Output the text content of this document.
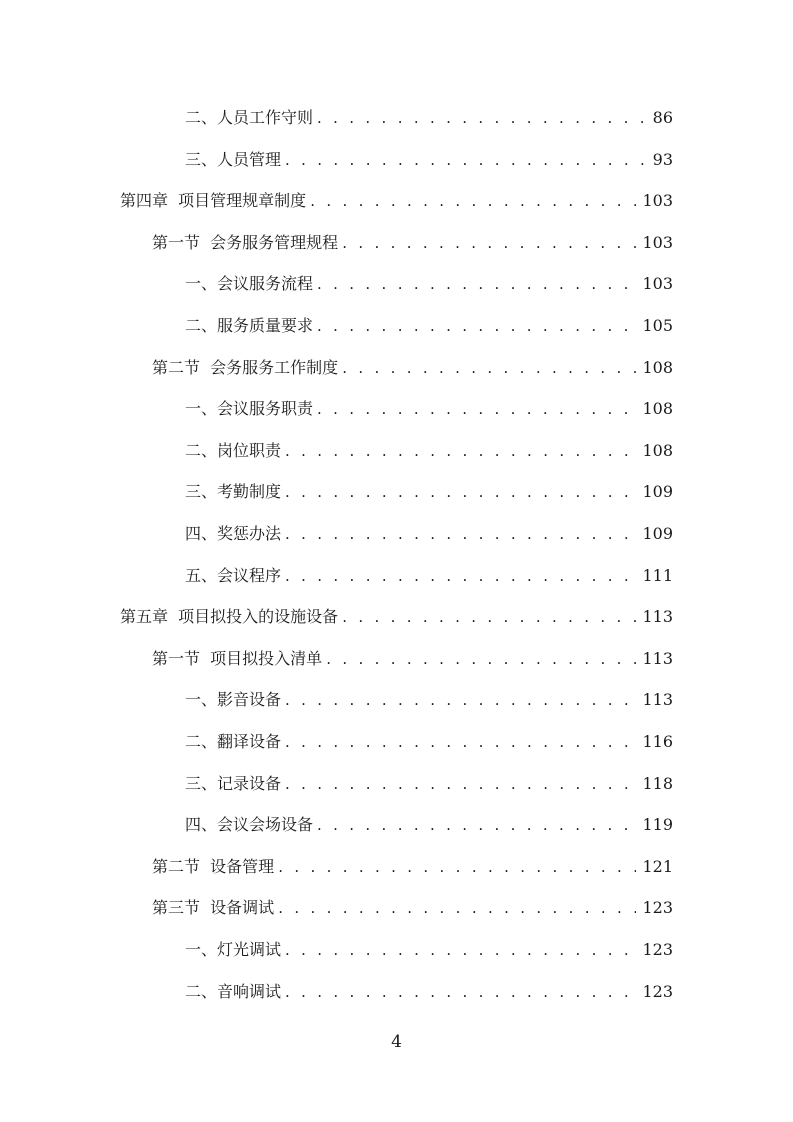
二、人员工作守则 . . .	86
三、人员管理 . . .	93
第四章  项目管理规章制度 . . .	103
第一节  会务服务管理规程 . . .	103
一、会议服务流程 . . .	103
二、服务质量要求 . . .	105
第二节  会务服务工作制度 . . .	108
一、会议服务职责 . . .	108
二、岗位职责 . . .	108
三、考勤制度 . . .	109
四、奖惩办法 . . .	109
五、会议程序 . . .	111
第五章  项目拟投入的设施设备 . . .	113
第一节  项目拟投入清单 . . .	113
一、影音设备 . . .	113
二、翻译设备 . . .	116
三、记录设备 . . .	118
四、会议会场设备 . . .	119
第二节  设备管理 . . .	121
第三节  设备调试 . . .	123
一、灯光调试 . . .	123
二、音响调试 . . .	123
4
